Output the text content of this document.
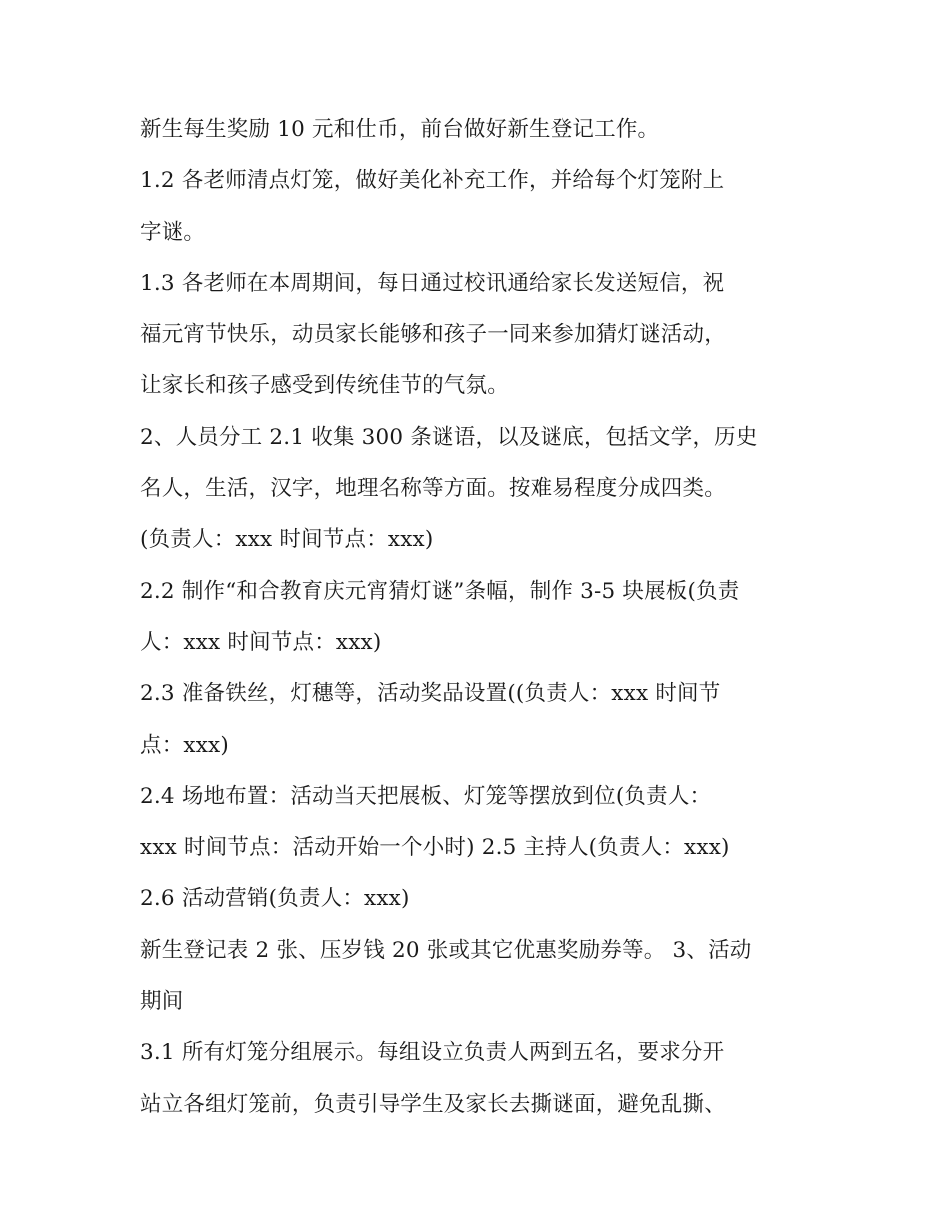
新生每生奖励 10 元和仕币，前台做好新生登记工作。
1.2 各老师清点灯笼，做好美化补充工作，并给每个灯笼附上
字谜。
1.3 各老师在本周期间，每日通过校讯通给家长发送短信，祝
福元宵节快乐，动员家长能够和孩子一同来参加猜灯谜活动，
让家长和孩子感受到传统佳节的气氛。
2、人员分工 2.1 收集 300 条谜语，以及谜底，包括文学，历史
名人，生活，汉字，地理名称等方面。按难易程度分成四类。
(负责人：xxx 时间节点：xxx)
2.2 制作“和合教育庆元宵猜灯谜”条幅，制作 3-5 块展板(负责
人：xxx 时间节点：xxx)
2.3 准备铁丝，灯穗等，活动奖品设置((负责人：xxx 时间节
点：xxx)
2.4 场地布置：活动当天把展板、灯笼等摆放到位(负责人：
xxx 时间节点：活动开始一个小时) 2.5 主持人(负责人：xxx)
2.6 活动营销(负责人：xxx)
新生登记表 2 张、压岁钱 20 张或其它优惠奖励券等。 3、活动
期间
3.1 所有灯笼分组展示。每组设立负责人两到五名，要求分开
站立各组灯笼前，负责引导学生及家长去撕谜面，避免乱撕、
